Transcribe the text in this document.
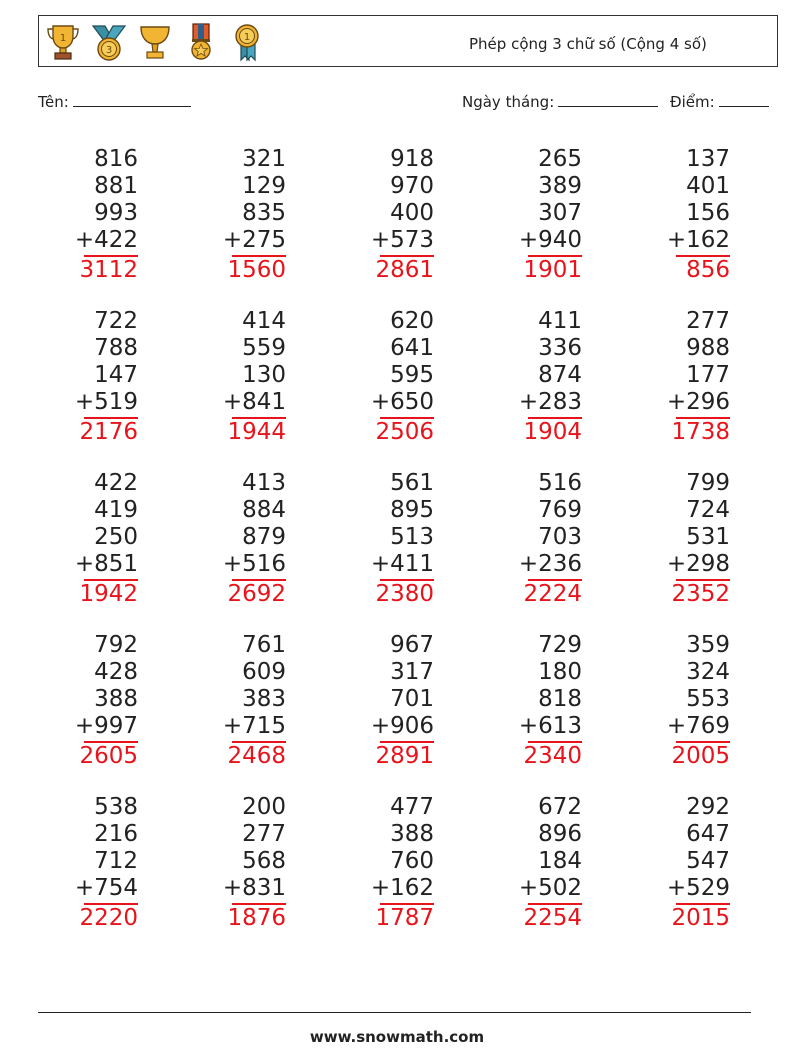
1
3
1	Phép cộng 3 chữ số (Cộng 4 số)
Tên:	Ngày tháng:	Điểm:
816
881
993
+422
3112
321
129
835
+275
1560
918
970
400
+573
2861
265
389
307
+940
1901
137
401
156
+162
856
722
788
147
+519
2176
414
559
130
+841
1944
620
641
595
+650
2506
411
336
874
+283
1904
277
988
177
+296
1738
422
419
250
+851
1942
413
884
879
+516
2692
561
895
513
+411
2380
516
769
703
+236
2224
799
724
531
+298
2352
792
428
388
+997
2605
761
609
383
+715
2468
967
317
701
+906
2891
729
180
818
+613
2340
359
324
553
+769
2005
538
216
712
+754
2220
200
277
568
+831
1876
477
388
760
+162
1787
672
896
184
+502
2254
292
647
547
+529
2015
www.snowmath.com
